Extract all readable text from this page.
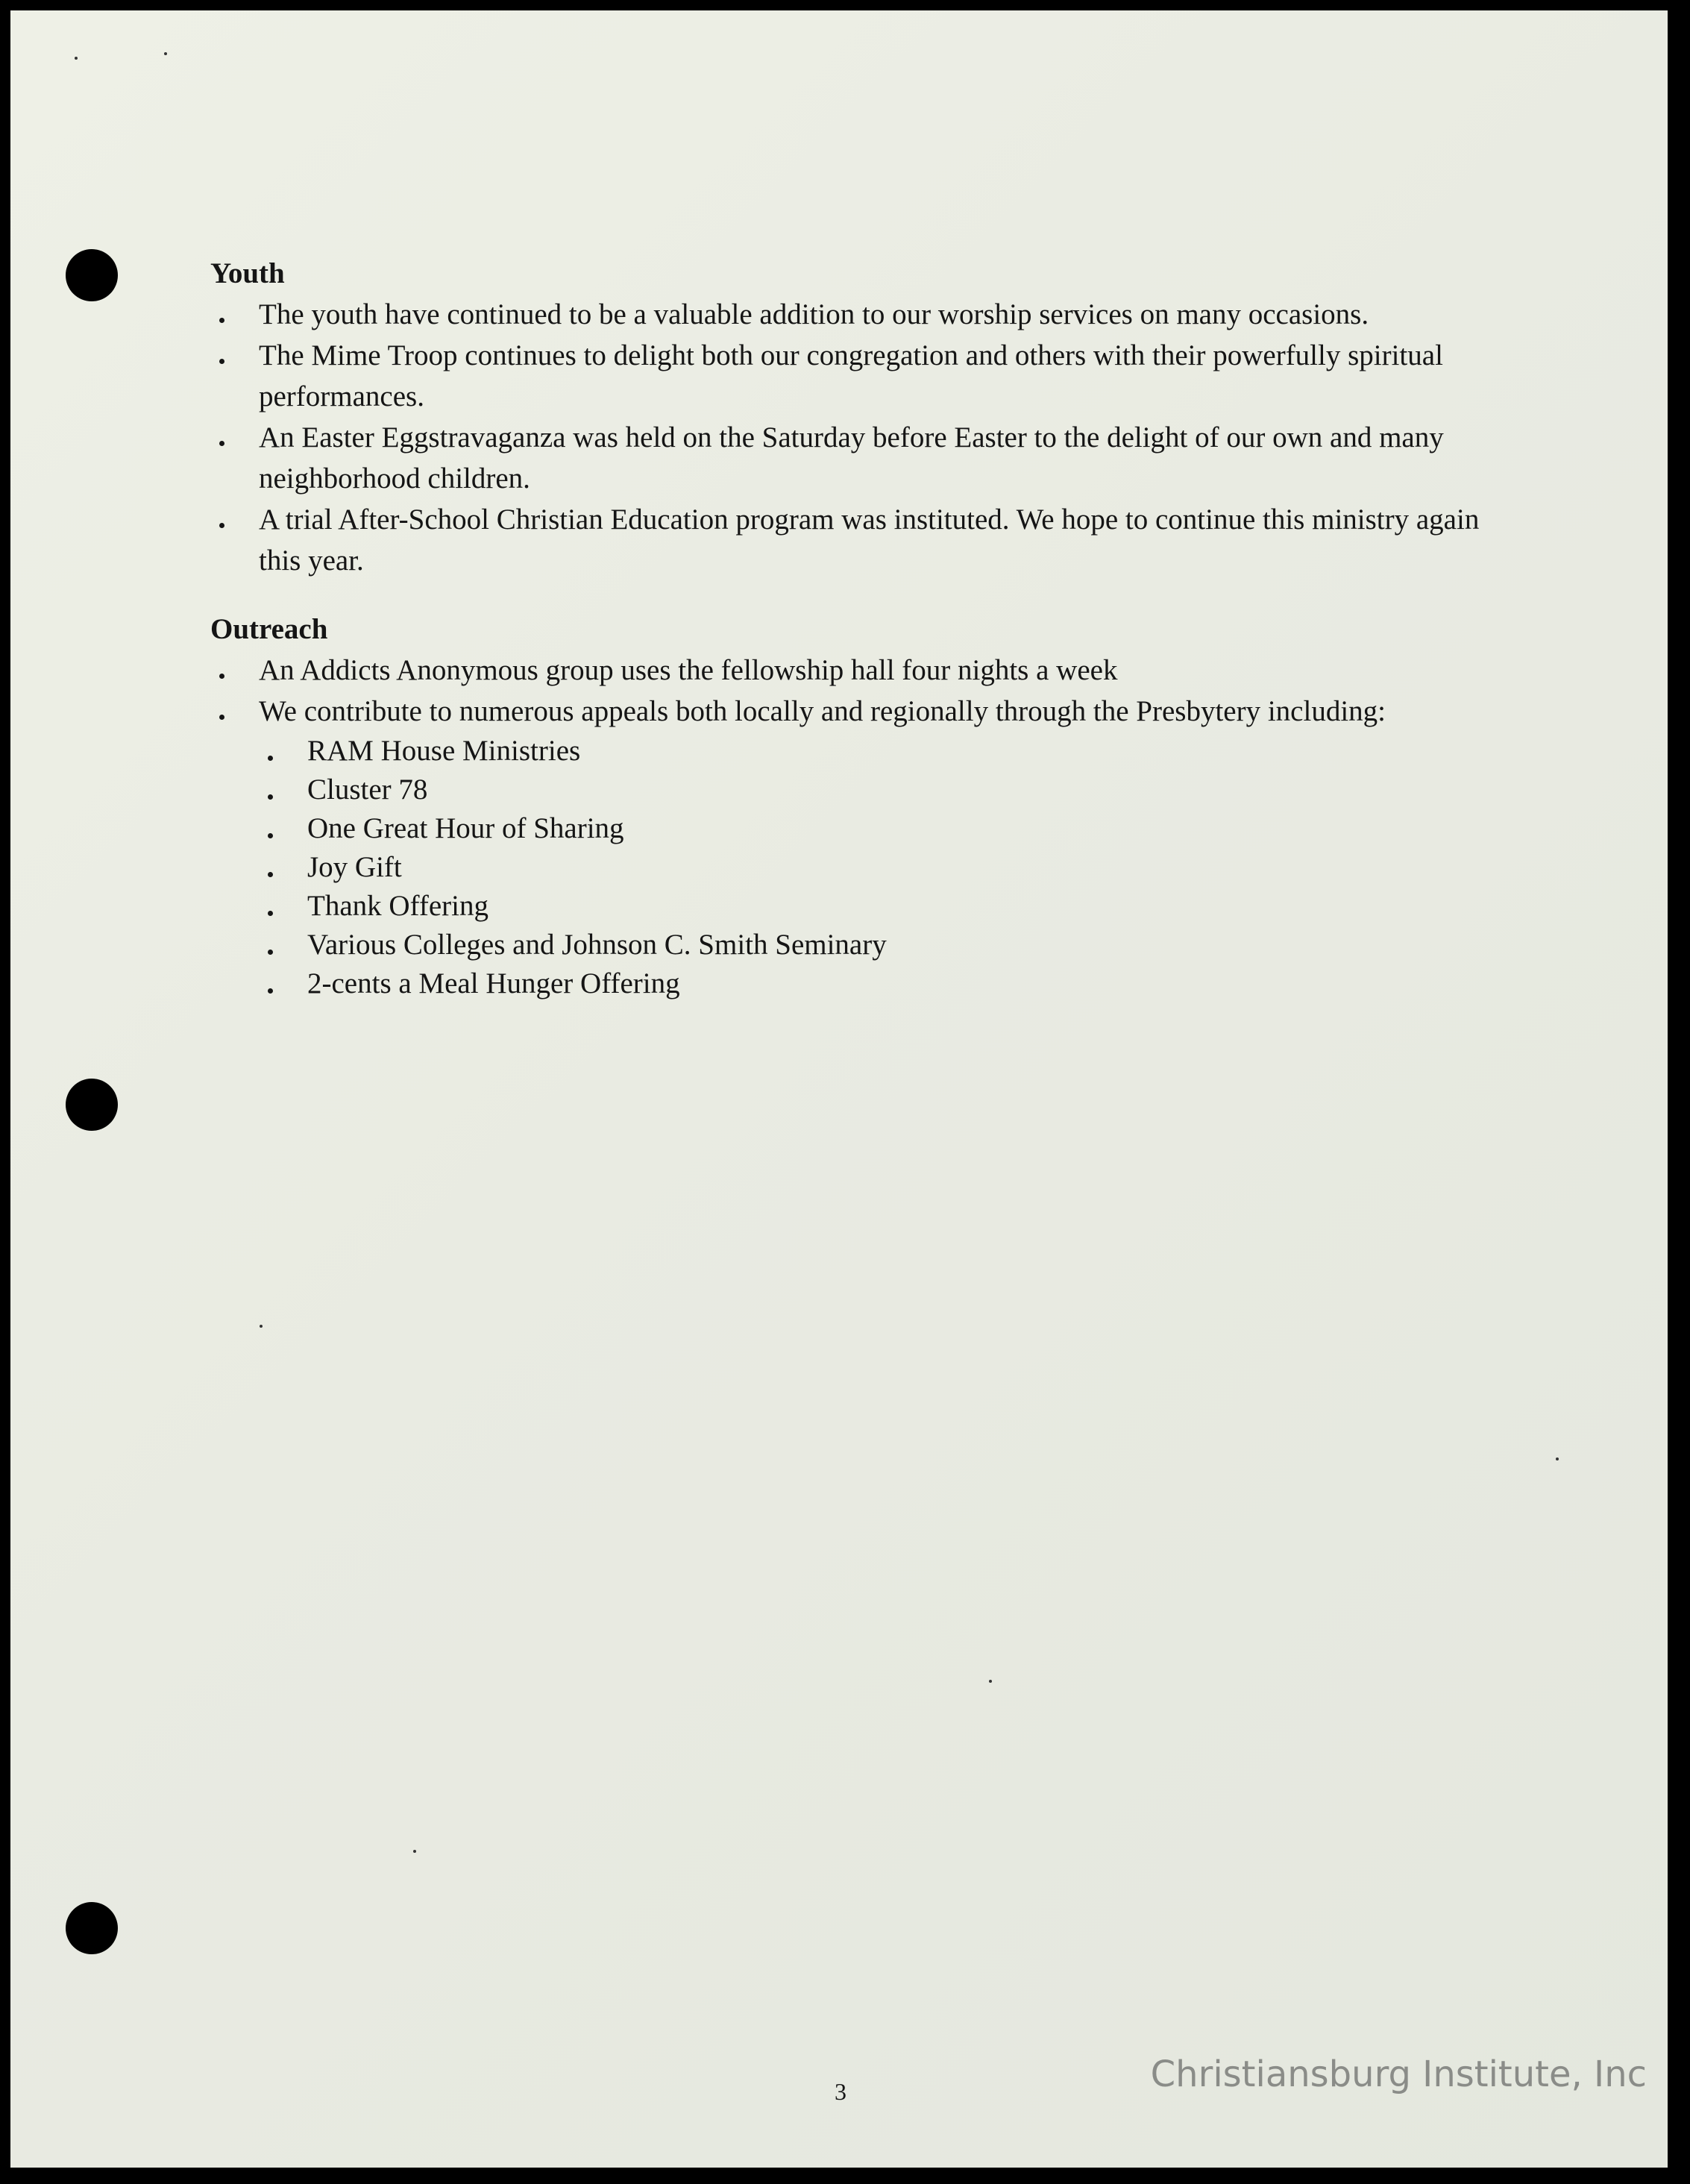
Youth
The youth have continued to be a valuable addition to our worship services on many occasions.
The Mime Troop continues to delight both our congregation and others with their powerfully spiritual performances.
An Easter Eggstravaganza was held on the Saturday before Easter to the delight of our own and many neighborhood children.
A trial After-School Christian Education program was instituted. We hope to continue this ministry again this year.
Outreach
An Addicts Anonymous group uses the fellowship hall four nights a week
We contribute to numerous appeals both locally and regionally through the Presbytery including:
RAM House Ministries
Cluster 78
One Great Hour of Sharing
Joy Gift
Thank Offering
Various Colleges and Johnson C. Smith Seminary
2-cents a Meal Hunger Offering
3	Christiansburg Institute, Inc
